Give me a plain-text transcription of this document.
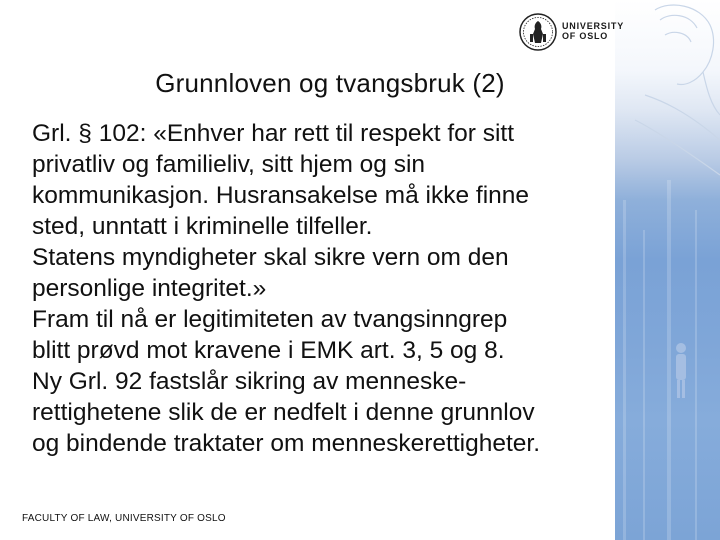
UNIVERSITY
OF OSLO
Grunnloven og tvangsbruk (2)

Grl. § 102: «Enhver har rett til respekt for sitt

privatliv og familieliv, sitt hjem og sin

kommunikasjon. Husransakelse må ikke finne

sted, unntatt i kriminelle tilfeller.

Statens myndigheter skal sikre vern om den

personlige integritet.»

Fram til nå er legitimiteten av tvangsinngrep

blitt prøvd mot kravene i EMK art. 3, 5 og 8.

Ny Grl. 92 fastslår sikring av menneske-

rettighetene slik de er nedfelt i denne grunnlov

og bindende traktater om menneskerettigheter.

FACULTY OF LAW, UNIVERSITY OF OSLO
